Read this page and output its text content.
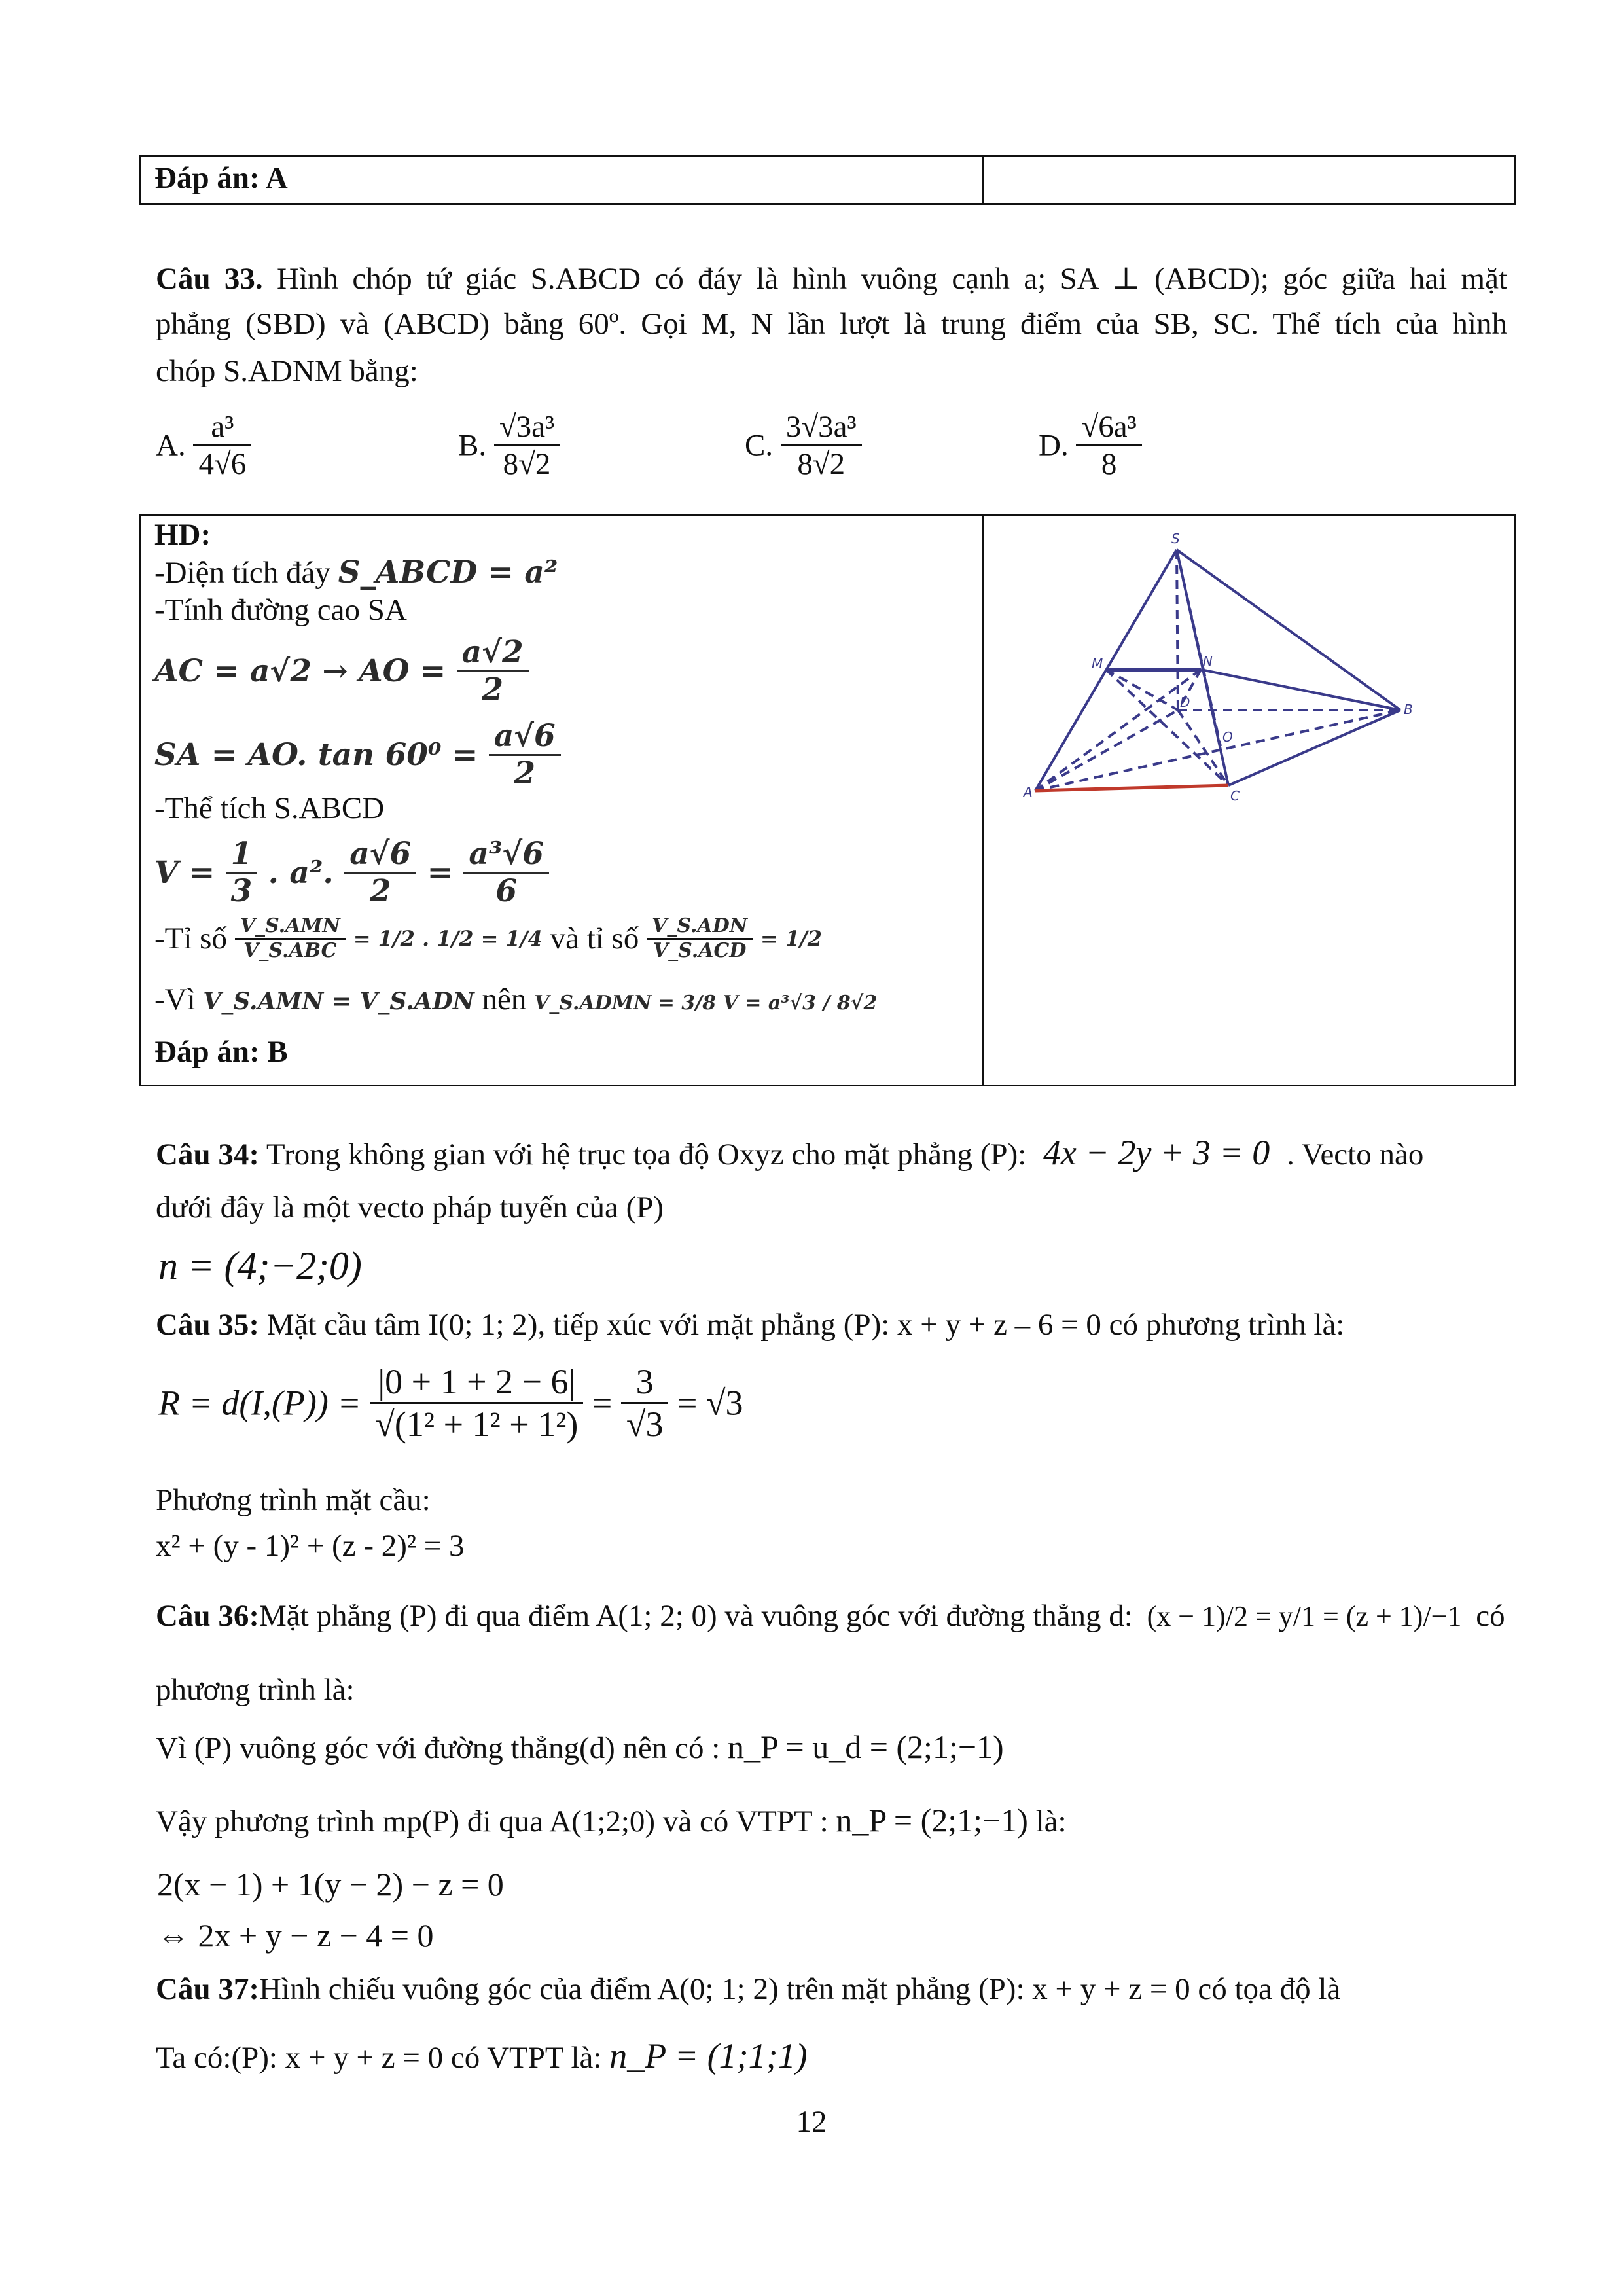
Đáp án: A
Câu 33. Hình chóp tứ giác S.ABCD có đáy là hình vuông cạnh a; SA ⊥ (ABCD); góc giữa hai mặt
phẳng (SBD) và (ABCD) bằng 60º. Gọi M, N lần lượt là trung điểm của SB, SC. Thể tích của hình
chóp S.ADNM bằng:
A. $\frac{\text{a³}}{4√6}$	B. $\frac{\text{√3a³}}{8√2}$	C. $\frac{\text{3√3a³}}{8√2}$	D. $\frac{\text{√6a³}}{8}$
HD:
-Diện tích đáy S_ABCD = a²
-Tính đường cao SA
AC = a√2 → AO = $\frac{a√2}{2}$
SA = AO. $\tan 60^0 = \frac{a√6}{2}$
-Thể tích S.ABCD
$V = \frac{1}{3}$ . a². $\frac{a√6}{2} = \frac{\text{a³√6}}{6}$
-Tỉ số $\frac{\text{V\_S.AMN}}{\text{V\_S.ABC}} = 1/2$ . 1/2 = 1/4 và tỉ số $\frac{\text{V\_S.ADN}}{\text{V\_S.ACD}} = 1/2$
-Vì V_S.AMN = V_S.ADN nên V_S.ADMN = 3/8 V = a³√3 / 8√2
Đáp án: B
S
M	N
A
B
C
D
O
Câu 34: Trong không gian với hệ trục tọa độ Oxyz cho mặt phẳng (P): 4x − 2y + 3 = 0 . Vecto nào
dưới đây là một vecto pháp tuyến của (P)
n = (4;−2;0)
Câu 35: Mặt cầu tâm I(0; 1; 2), tiếp xúc với mặt phẳng (P): x + y + z – 6 = 0 có phương trình là:
$R = d(I,(P)) = \frac{|0 + 1 + 2 - 6|}{\text{√(1² + 1² + 1²)}} = \frac{3}{√3} = √3$
Phương trình mặt cầu:
x² + (y - 1)² + (z - 2)² = 3
Câu 36:Mặt phẳng (P) đi qua điểm A(1; 2; 0) và vuông góc với đường thẳng d: (x − 1)/2 = y/1 = (z + 1)/−1 có
phương trình là:
Vì (P) vuông góc với đường thẳng(d) nên có : n_P = u_d = (2;1;−1)
Vậy phương trình mp(P) đi qua A(1;2;0) và có VTPT : n_P = (2;1;−1) là:
2(x − 1) + 1(y − 2) − z = 0
⇔ 2x + y − z − 4 = 0
Câu 37:Hình chiếu vuông góc của điểm A(0; 1; 2) trên mặt phẳng (P): x + y + z = 0 có tọa độ là
Ta có:(P): x + y + z = 0 có VTPT là: n_P = (1;1;1)
12
